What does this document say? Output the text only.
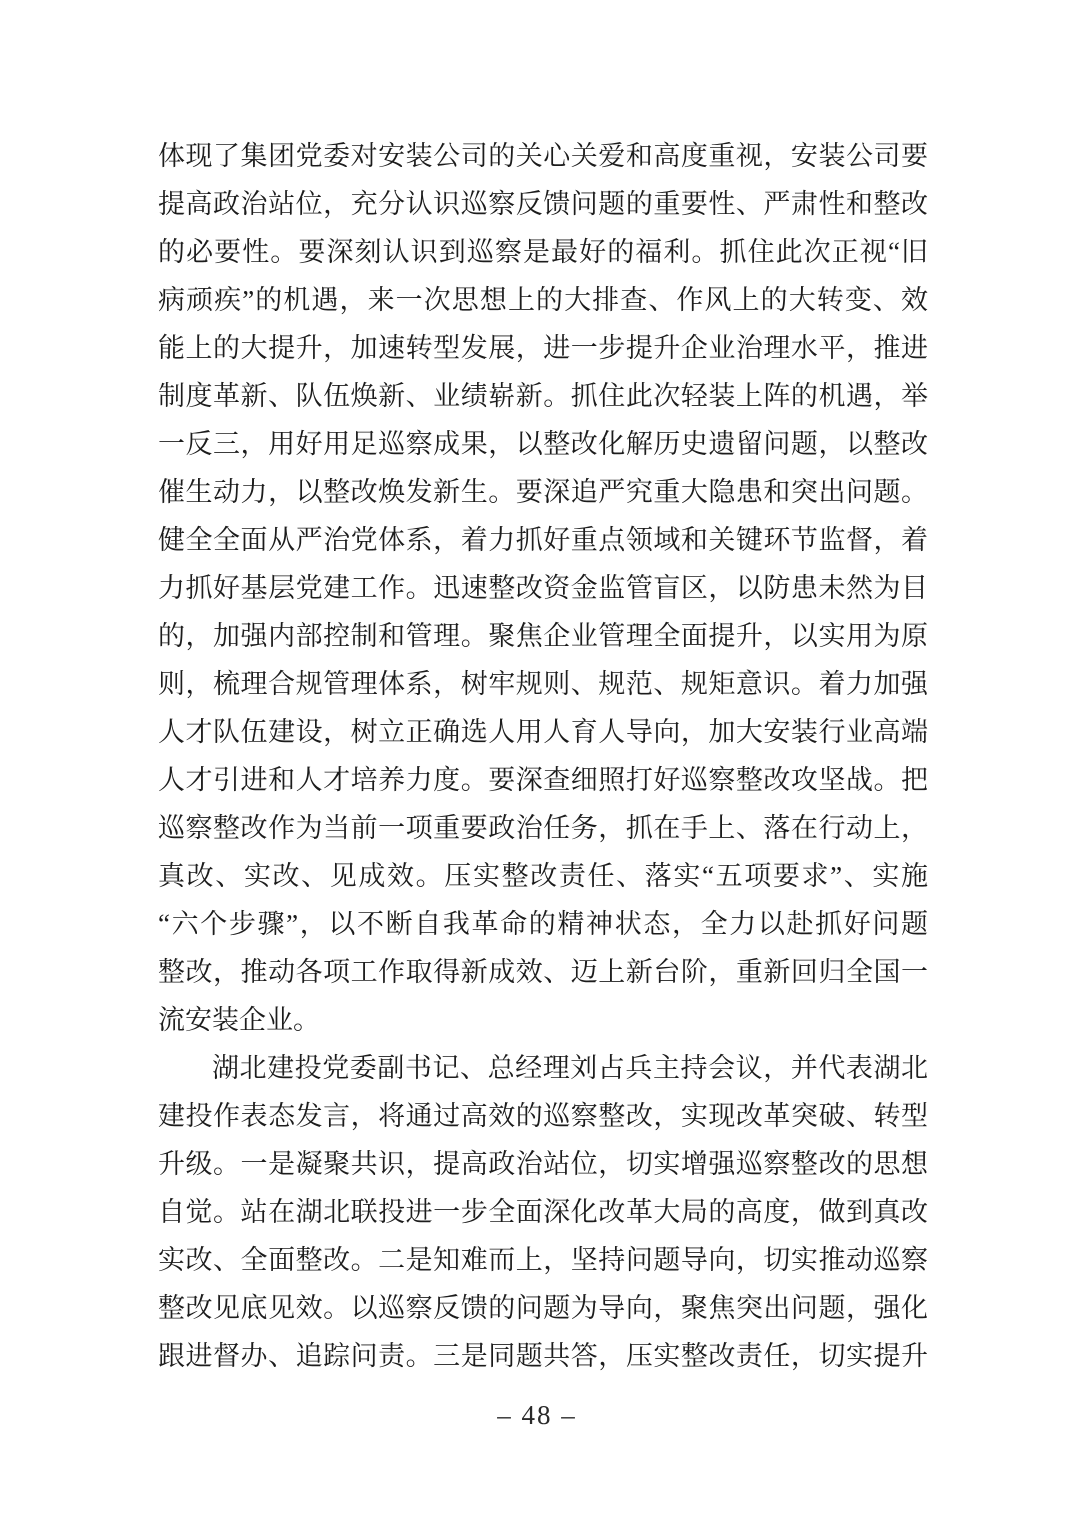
体现了集团党委对安装公司的关心关爱和高度重视，安装公司要
提高政治站位，充分认识巡察反馈问题的重要性、严肃性和整改
的必要性。要深刻认识到巡察是最好的福利。抓住此次正视“旧
病顽疾”的机遇，来一次思想上的大排查、作风上的大转变、效
能上的大提升，加速转型发展，进一步提升企业治理水平，推进
制度革新、队伍焕新、业绩崭新。抓住此次轻装上阵的机遇，举
一反三，用好用足巡察成果，以整改化解历史遗留问题，以整改
催生动力，以整改焕发新生。要深追严究重大隐患和突出问题。
健全全面从严治党体系，着力抓好重点领域和关键环节监督，着
力抓好基层党建工作。迅速整改资金监管盲区，以防患未然为目
的，加强内部控制和管理。聚焦企业管理全面提升，以实用为原
则，梳理合规管理体系，树牢规则、规范、规矩意识。着力加强
人才队伍建设，树立正确选人用人育人导向，加大安装行业高端
人才引进和人才培养力度。要深查细照打好巡察整改攻坚战。把
巡察整改作为当前一项重要政治任务，抓在手上、落在行动上，
真改、实改、见成效。压实整改责任、落实“五项要求”、实施
“六个步骤”，以不断自我革命的精神状态，全力以赴抓好问题
整改，推动各项工作取得新成效、迈上新台阶，重新回归全国一
流安装企业。
湖北建投党委副书记、总经理刘占兵主持会议，并代表湖北
建投作表态发言，将通过高效的巡察整改，实现改革突破、转型
升级。一是凝聚共识，提高政治站位，切实增强巡察整改的思想
自觉。站在湖北联投进一步全面深化改革大局的高度，做到真改
实改、全面整改。二是知难而上，坚持问题导向，切实推动巡察
整改见底见效。以巡察反馈的问题为导向，聚焦突出问题，强化
跟进督办、追踪问责。三是同题共答，压实整改责任，切实提升
– 48 –
